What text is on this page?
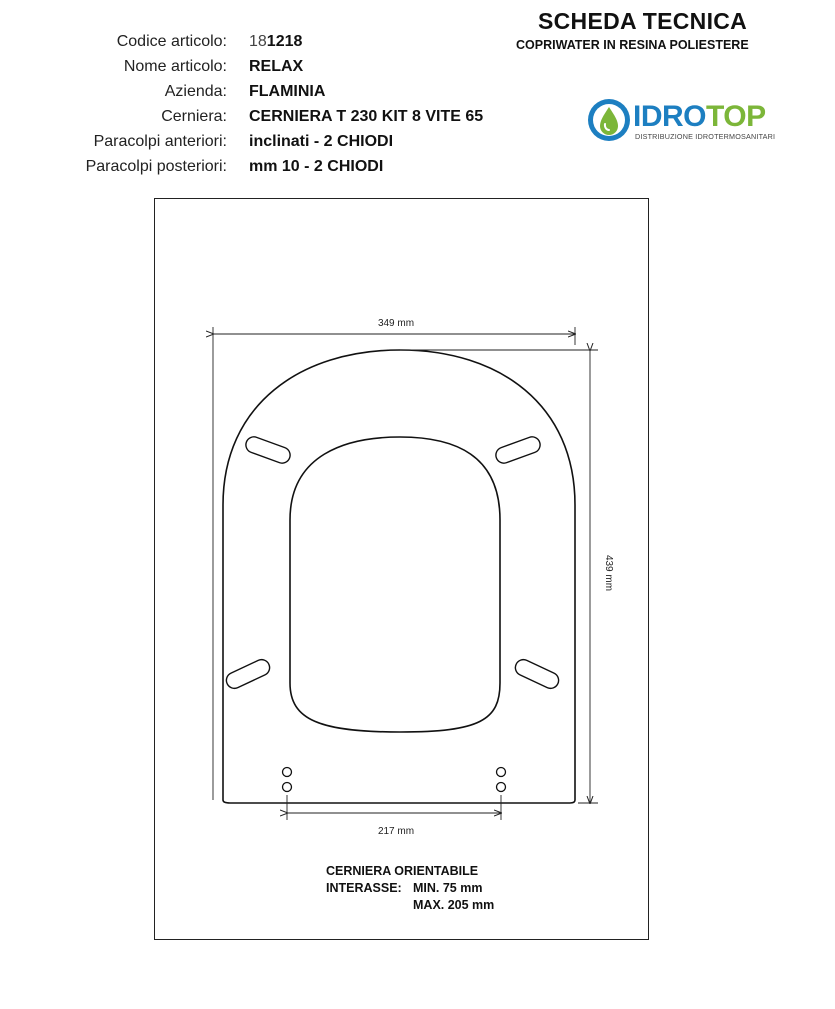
Codice articolo: 181218
Nome articolo: RELAX
Azienda: FLAMINIA
Cerniera: CERNIERA T 230 KIT 8 VITE 65
Paracolpi anteriori: inclinati - 2 CHIODI
Paracolpi posteriori: mm 10 - 2 CHIODI
SCHEDA TECNICA
COPRIWATER IN RESINA POLIESTERE
IDROTOP
DISTRIBUZIONE IDROTERMOSANITARI
349 mm
439 mm
217 mm
CERNIERA ORIENTABILE
INTERASSE: MIN. 75 mm
MAX. 205 mm
